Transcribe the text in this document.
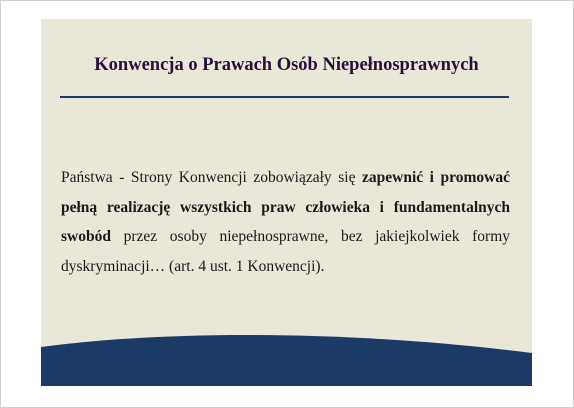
Konwencja o Prawach Osób Niepełnosprawnych
Państwa - Strony Konwencji zobowiązały się zapewnić i promować pełną realizację wszystkich praw człowieka i fundamentalnych swobód przez osoby niepełnosprawne, bez jakiejkolwiek formy dyskryminacji… (art. 4 ust. 1 Konwencji).
